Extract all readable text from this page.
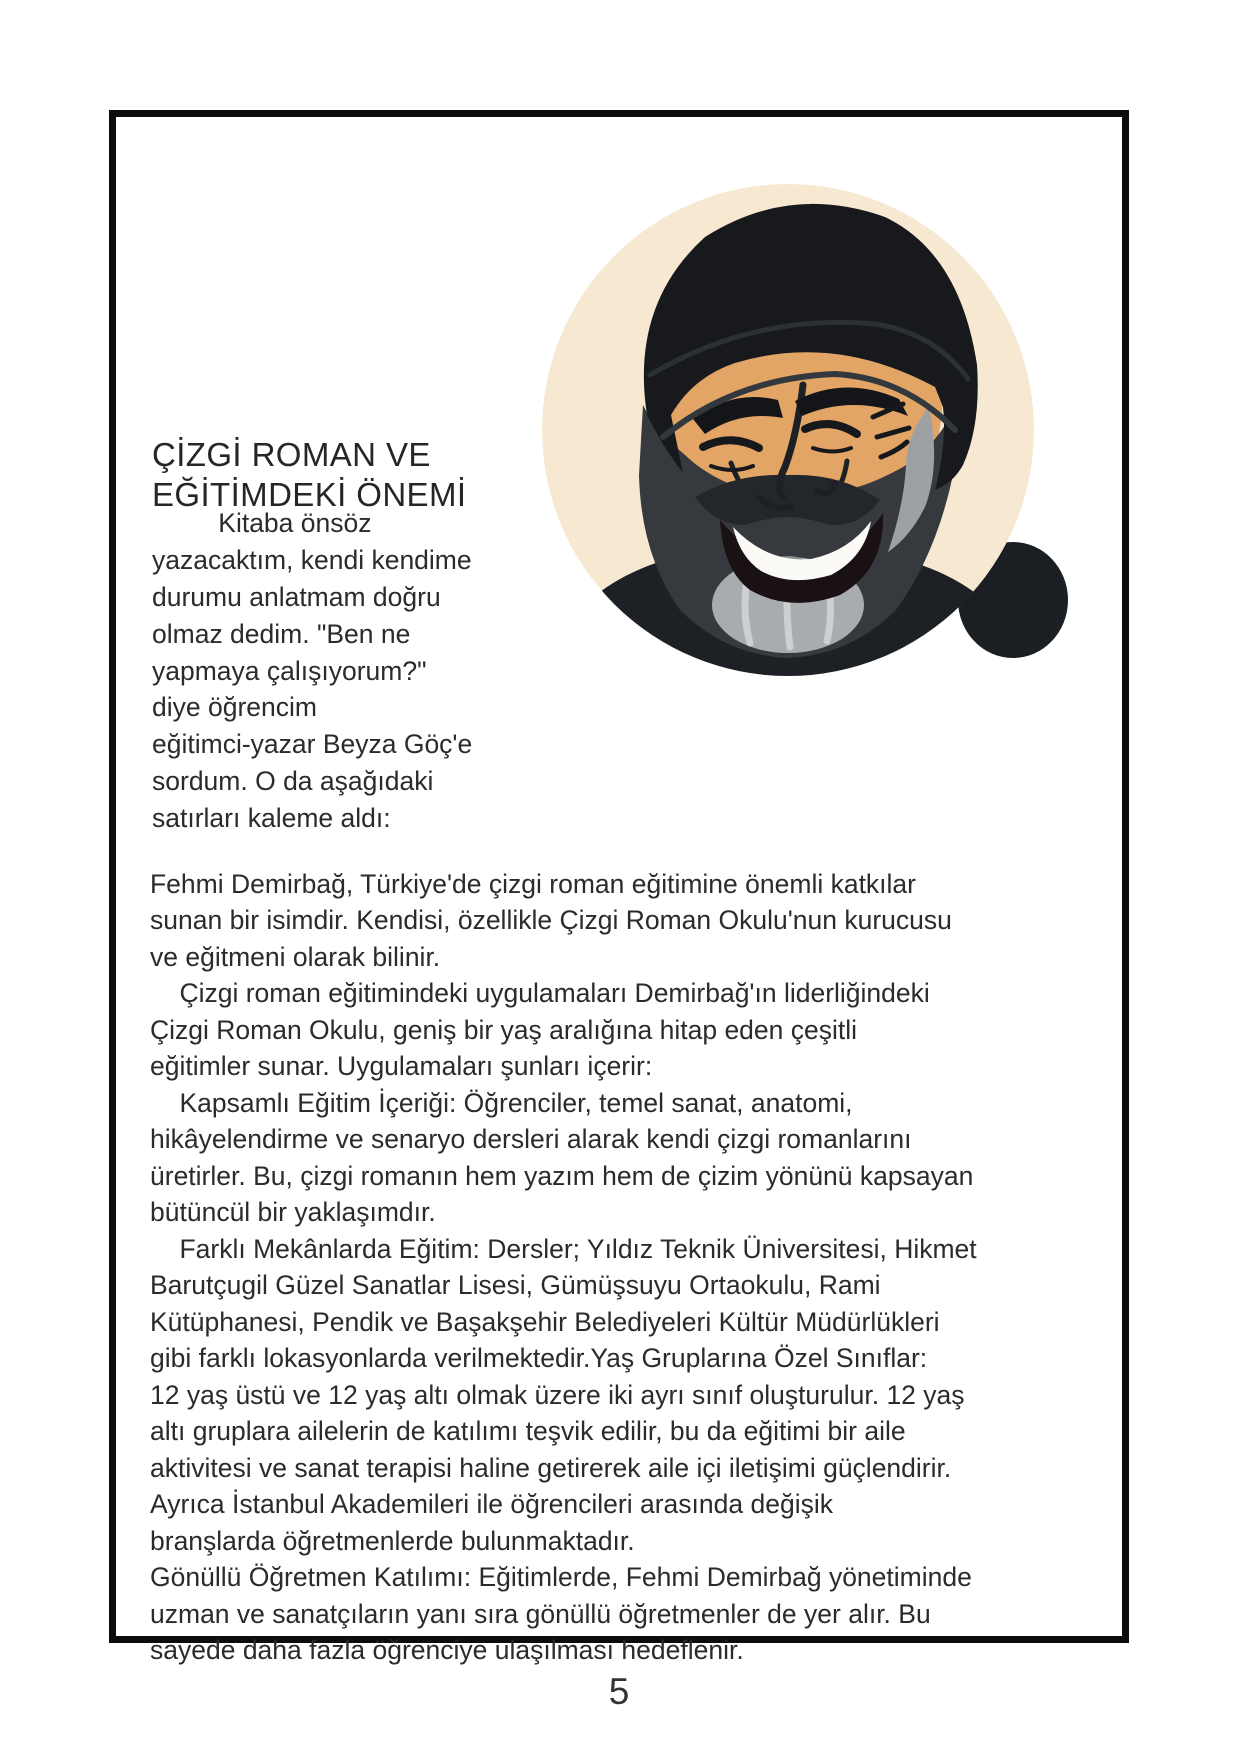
ÇİZGİ ROMAN VE
EĞİTİMDEKİ ÖNEMİ

Kitaba önsöz
yazacaktım, kendi kendime
durumu anlatmam doğru
olmaz dedim. "Ben ne
yapmaya çalışıyorum?"
diye öğrencim
eğitimci-yazar Beyza Göç'e
sordum. O da aşağıdaki
satırları kaleme aldı:

Fehmi Demirbağ, Türkiye'de çizgi roman eğitimine önemli katkılar
sunan bir isimdir. Kendisi, özellikle Çizgi Roman Okulu'nun kurucusu
ve eğitmeni olarak bilinir.
Çizgi roman eğitimindeki uygulamaları Demirbağ'ın liderliğindeki
Çizgi Roman Okulu, geniş bir yaş aralığına hitap eden çeşitli
eğitimler sunar. Uygulamaları şunları içerir:
Kapsamlı Eğitim İçeriği: Öğrenciler, temel sanat, anatomi,
hikâyelendirme ve senaryo dersleri alarak kendi çizgi romanlarını
üretirler. Bu, çizgi romanın hem yazım hem de çizim yönünü kapsayan
bütüncül bir yaklaşımdır.
Farklı Mekânlarda Eğitim: Dersler; Yıldız Teknik Üniversitesi, Hikmet
Barutçugil Güzel Sanatlar Lisesi, Gümüşsuyu Ortaokulu, Rami
Kütüphanesi, Pendik ve Başakşehir Belediyeleri Kültür Müdürlükleri
gibi farklı lokasyonlarda verilmektedir.Yaş Gruplarına Özel Sınıflar:
12 yaş üstü ve 12 yaş altı olmak üzere iki ayrı sınıf oluşturulur. 12 yaş
altı gruplara ailelerin de katılımı teşvik edilir, bu da eğitimi bir aile
aktivitesi ve sanat terapisi haline getirerek aile içi iletişimi güçlendirir.
Ayrıca İstanbul Akademileri ile öğrencileri arasında değişik
branşlarda öğretmenlerde bulunmaktadır.
Gönüllü Öğretmen Katılımı: Eğitimlerde, Fehmi Demirbağ yönetiminde
uzman ve sanatçıların yanı sıra gönüllü öğretmenler de yer alır. Bu
sayede daha fazla öğrenciye ulaşılması hedeflenir.
5
